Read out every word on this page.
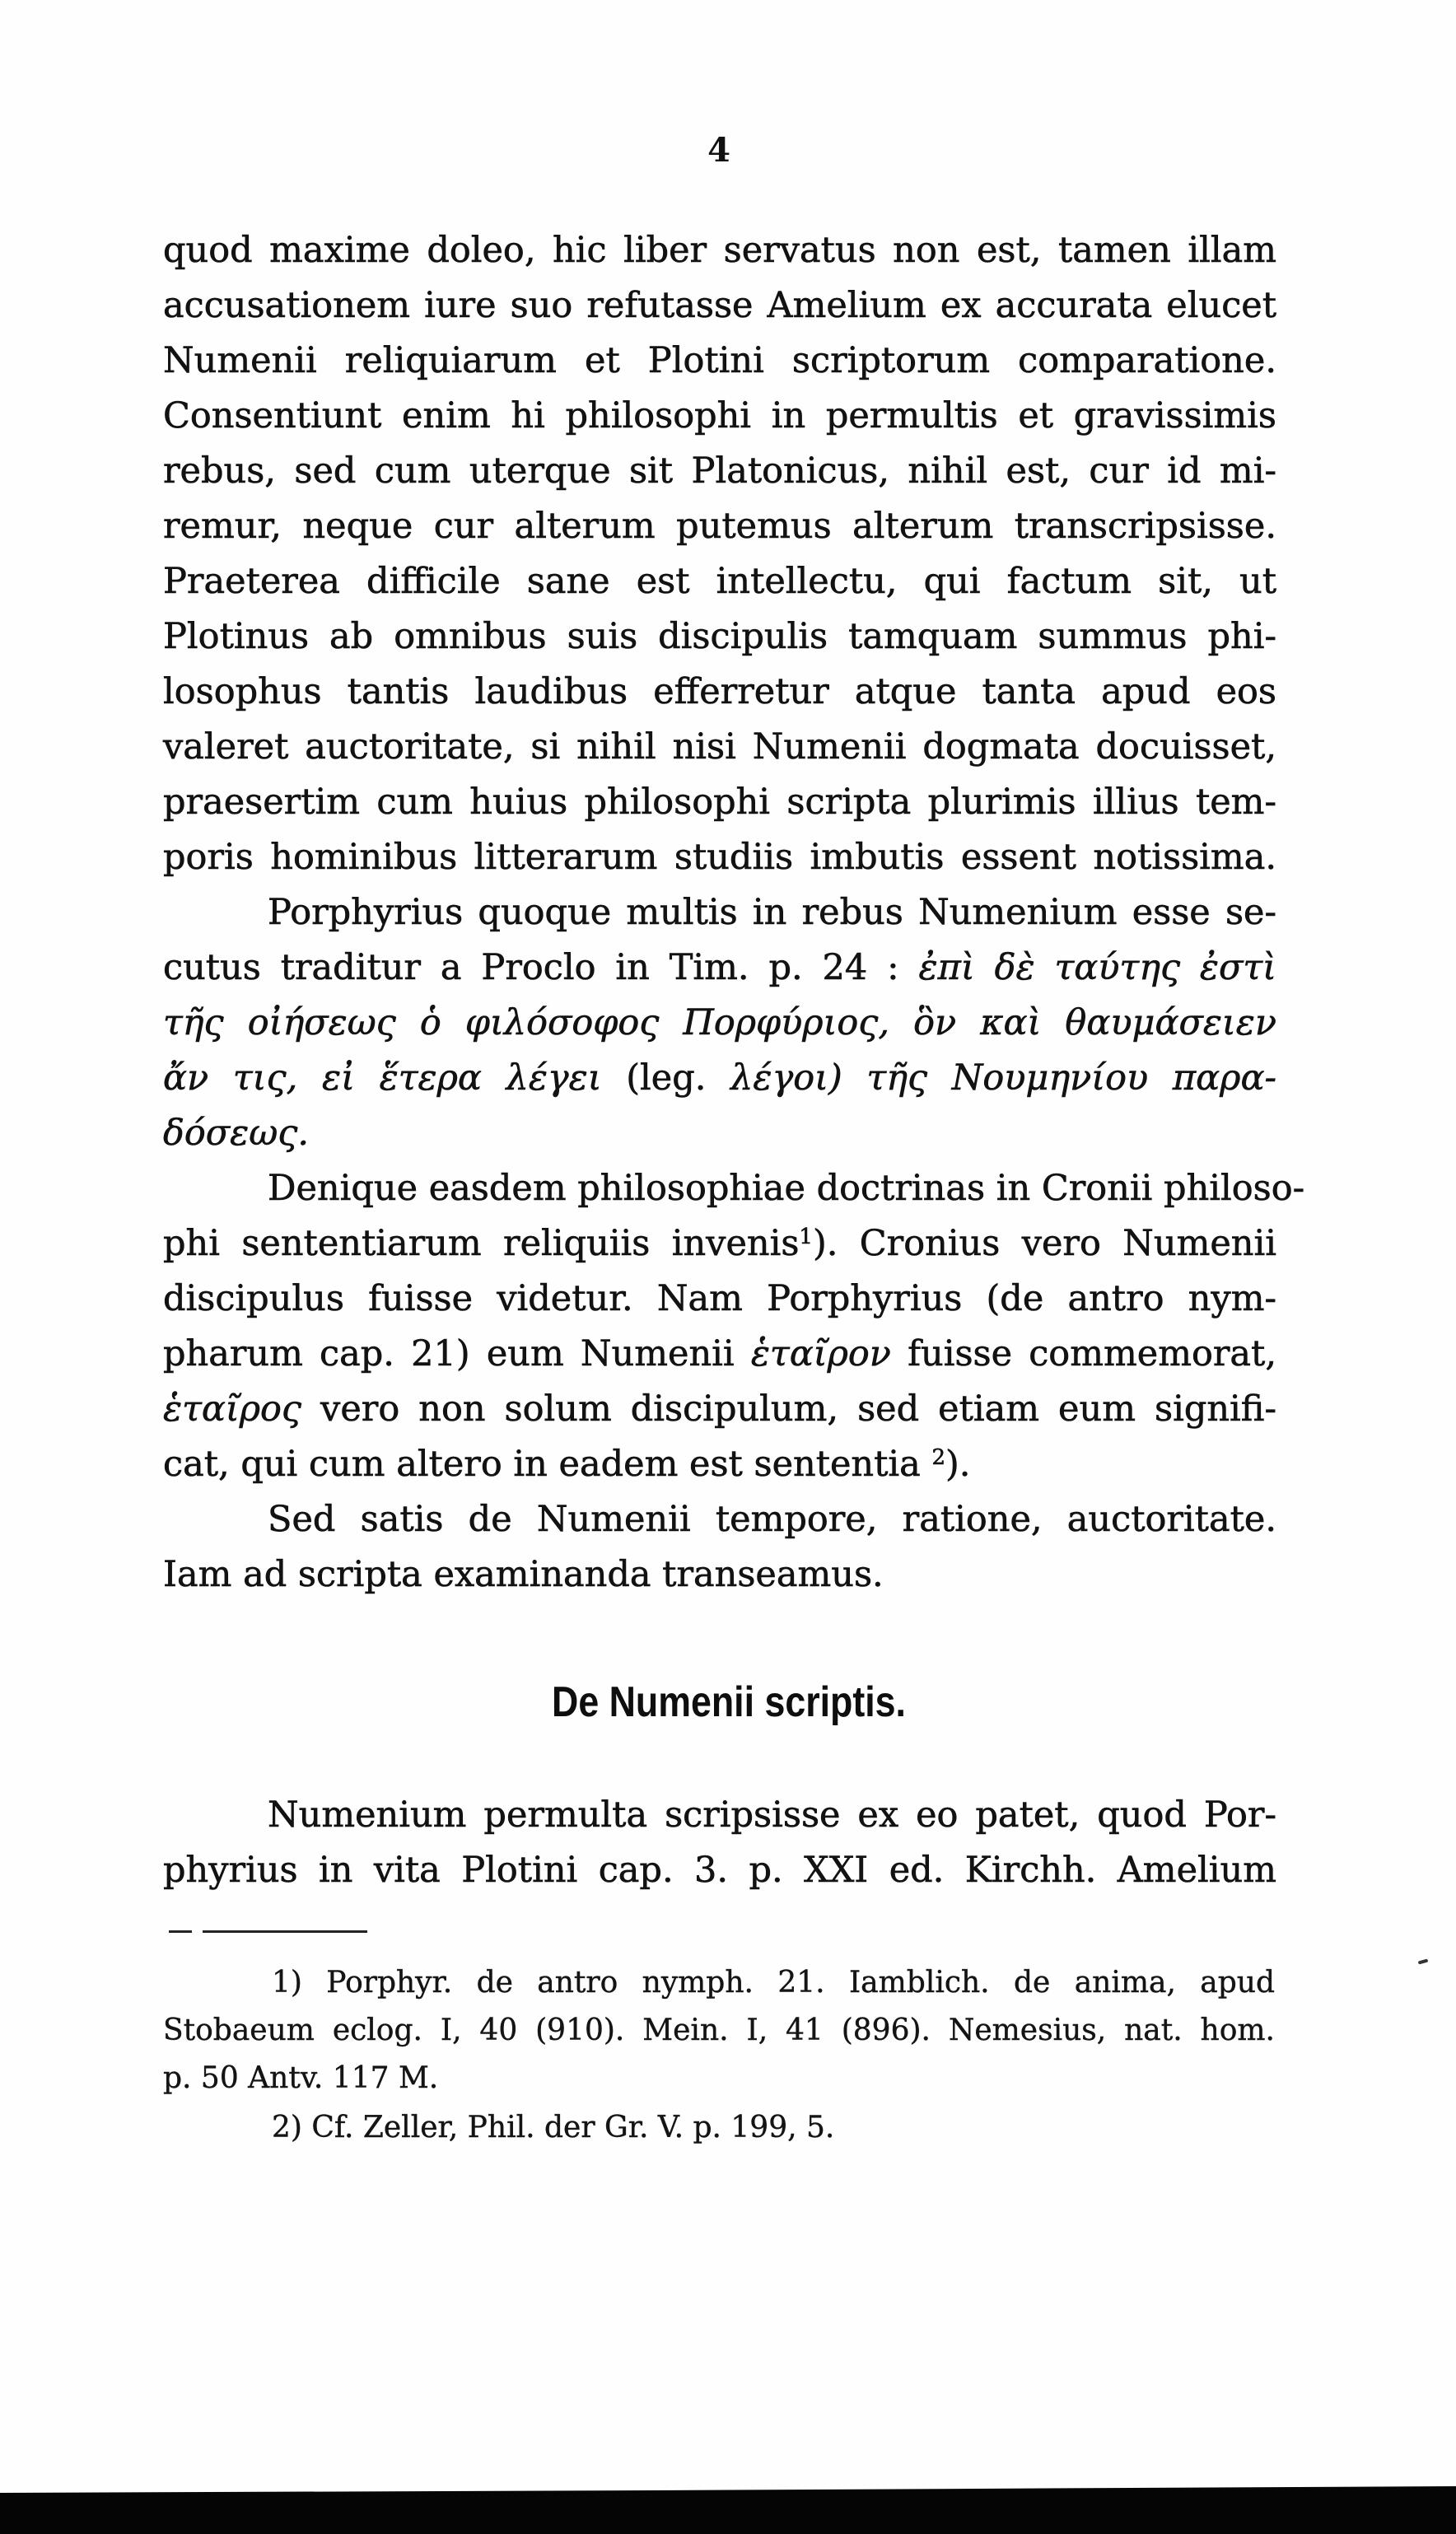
4
quod maxime doleo, hic liber servatus non est, tamen illam
accusationem iure suo refutasse Amelium ex accurata elucet
Numenii reliquiarum et Plotini scriptorum comparatione.
Consentiunt enim hi philosophi in permultis et gravissimis
rebus, sed cum uterque sit Platonicus, nihil est, cur id mi-
remur, neque cur alterum putemus alterum transcripsisse.
Praeterea difficile sane est intellectu, qui factum sit, ut
Plotinus ab omnibus suis discipulis tamquam summus phi-
losophus tantis laudibus efferretur atque tanta apud eos
valeret auctoritate, si nihil nisi Numenii dogmata docuisset,
praesertim cum huius philosophi scripta plurimis illius tem-
poris hominibus litterarum studiis imbutis essent notissima.
Porphyrius quoque multis in rebus Numenium esse se-
cutus traditur a Proclo in Tim. p. 24 : ἐπὶ δὲ ταύτης ἐστὶ
τῆς οἰήσεως ὁ φιλόσοφος Πορφύριος, ὃν καὶ θαυμάσειεν
ἄν τις, εἰ ἕτερα λέγει (leg. λέγοι) τῆς Νουμηνίου παρα-
δόσεως.
Denique easdem philosophiae doctrinas in Cronii philoso-
phi sententiarum reliquiis invenis$^1$). Cronius vero Numenii
discipulus fuisse videtur. Nam Porphyrius (de antro nym-
pharum cap. 21) eum Numenii ἑταῖρον fuisse commemorat,
ἑταῖρος vero non solum discipulum, sed etiam eum signifi-
cat, qui cum altero in eadem est sententia $^2$).
Sed satis de Numenii tempore, ratione, auctoritate.
Iam ad scripta examinanda transeamus.
De Numenii scriptis.
Numenium permulta scripsisse ex eo patet, quod Por-
phyrius in vita Plotini cap. 3. p. XXI ed. Kirchh. Amelium
1) Porphyr. de antro nymph. 21. Iamblich. de anima, apud
Stobaeum eclog. I, 40 (910). Mein. I, 41 (896). Nemesius, nat. hom.
p. 50 Antv. 117 M.
2) Cf. Zeller, Phil. der Gr. V. p. 199, 5.
